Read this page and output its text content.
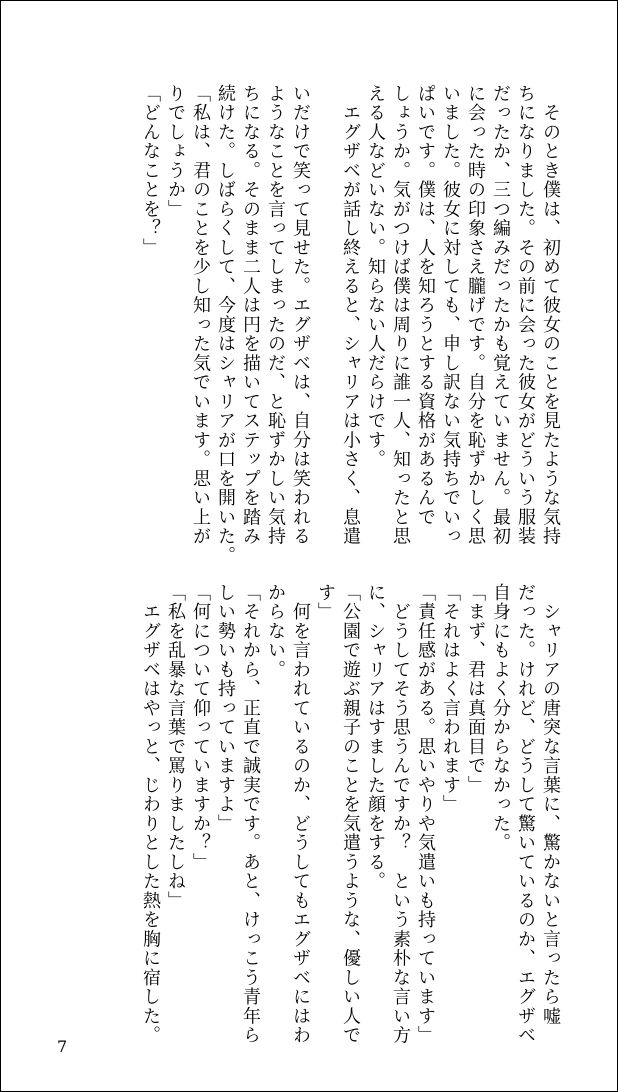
　そのとき僕は、初めて彼女のことを見たような気持

ちになりました。その前に会った彼女がどういう服装

だったか、三つ編みだったかも覚えていません。最初

に会った時の印象さえ朧げです。自分を恥ずかしく思

いました。彼女に対しても、申し訳ない気持ちでいっ

ぱいです。僕は、人を知ろうとする資格があるんで

しょうか。気がつけば僕は周りに誰一人、知ったと思

える人などいない。知らない人だらけです。

　エグザベが話し終えると、シャリアは小さく、息遣

いだけで笑って見せた。エグザベは、自分は笑われる

ようなことを言ってしまったのだ、と恥ずかしい気持

ちになる。そのまま二人は円を描いてステップを踏み

続けた。しばらくして、今度はシャリアが口を開いた。

「私は、君のことを少し知った気でいます。思い上が

りでしょうか」

「どんなことを？」

　シャリアの唐突な言葉に、驚かないと言ったら嘘

だった。けれど、どうして驚いているのか、エグザベ

自身にもよく分からなかった。

「まず、君は真面目で」

「それはよく言われます」

「責任感がある。思いやりや気遣いも持っています」

　どうしてそう思うんですか？　という素朴な言い方

に、シャリアはすました顔をする。

「公園で遊ぶ親子のことを気遣うような、優しい人で

す」

　何を言われているのか、どうしてもエグザベにはわ

からない。

「それから、正直で誠実です。あと、けっこう青年ら

しい勢いも持っていますよ」

「何について仰っていますか？」

「私を乱暴な言葉で罵りましたしね」

　エグザベはやっと、じわりとした熱を胸に宿した。

7
